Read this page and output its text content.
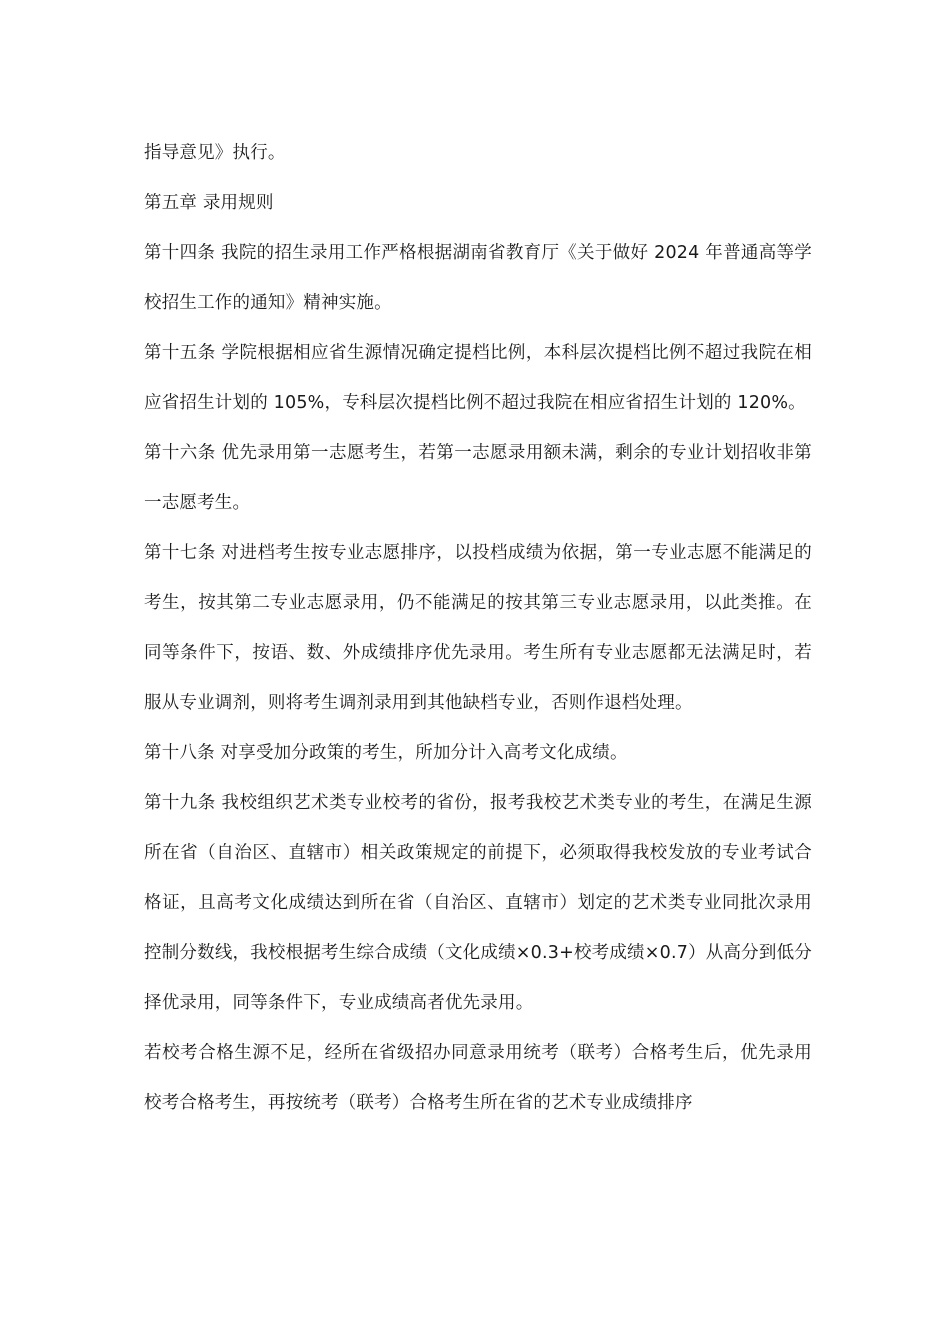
指导意见》执行。

第五章 录用规则

第十四条 我院的招生录用工作严格根据湖南省教育厅《关于做好 2024 年普通高等学校招生工作的通知》精神实施。

第十五条 学院根据相应省生源情况确定提档比例，本科层次提档比例不超过我院在相应省招生计划的 105%，专科层次提档比例不超过我院在相应省招生计划的 120%。

第十六条 优先录用第一志愿考生，若第一志愿录用额未满，剩余的专业计划招收非第一志愿考生。

第十七条 对进档考生按专业志愿排序，以投档成绩为依据，第一专业志愿不能满足的考生，按其第二专业志愿录用，仍不能满足的按其第三专业志愿录用，以此类推。在同等条件下，按语、数、外成绩排序优先录用。考生所有专业志愿都无法满足时，若服从专业调剂，则将考生调剂录用到其他缺档专业，否则作退档处理。

第十八条 对享受加分政策的考生，所加分计入高考文化成绩。

第十九条 我校组织艺术类专业校考的省份，报考我校艺术类专业的考生，在满足生源所在省（自治区、直辖市）相关政策规定的前提下，必须取得我校发放的专业考试合格证，且高考文化成绩达到所在省（自治区、直辖市）划定的艺术类专业同批次录用控制分数线，我校根据考生综合成绩（文化成绩×0.3+校考成绩×0.7）从高分到低分择优录用，同等条件下，专业成绩高者优先录用。

若校考合格生源不足，经所在省级招办同意录用统考（联考）合格考生后，优先录用校考合格考生，再按统考（联考）合格考生所在省的艺术专业成绩排序
